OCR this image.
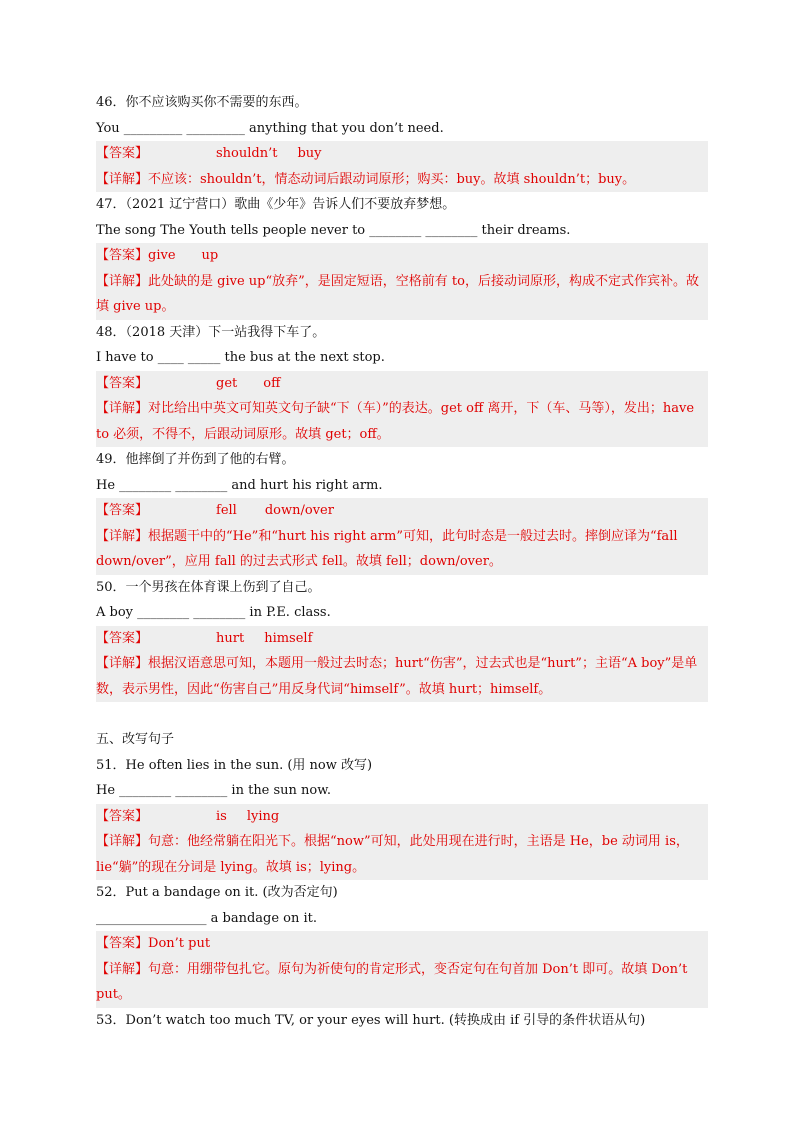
46．你不应该购买你不需要的东西。
You _________ _________ anything that you don’t need.
【答案】	shouldn’t buy
【详解】不应该：shouldn’t，情态动词后跟动词原形；购买：buy。故填 shouldn’t；buy。
47．（2021 辽宁营口）歌曲《少年》告诉人们不要放弃梦想。
The song The Youth tells people never to ________ ________ their dreams.
【答案】give up
【详解】此处缺的是 give up“放弃”，是固定短语，空格前有 to，后接动词原形，构成不定式作宾补。故填 give up。
48．（2018 天津）下一站我得下车了。
I have to ____ _____ the bus at the next stop.
【答案】	get off
【详解】对比给出中英文可知英文句子缺“下（车）”的表达。get off 离开，下（车、马等），发出；have to 必须，不得不，后跟动词原形。故填 get；off。
49．他摔倒了并伤到了他的右臂。
He ________ ________ and hurt his right arm.
【答案】	fell down/over
【详解】根据题干中的“He”和“hurt his right arm”可知，此句时态是一般过去时。摔倒应译为“fall down/over”，应用 fall 的过去式形式 fell。故填 fell；down/over。
50．一个男孩在体育课上伤到了自己。
A boy ________ ________ in P.E. class.
【答案】	hurt himself
【详解】根据汉语意思可知，本题用一般过去时态；hurt“伤害”，过去式也是“hurt”；主语“A boy”是单数，表示男性，因此“伤害自己”用反身代词“himself”。故填 hurt；himself。
五、改写句子
51．He often lies in the sun. (用 now 改写)
He ________ ________ in the sun now.
【答案】	is lying
【详解】句意：他经常躺在阳光下。根据“now”可知，此处用现在进行时，主语是 He，be 动词用 is，lie“躺”的现在分词是 lying。故填 is；lying。
52．Put a bandage on it. (改为否定句)
_________________ a bandage on it.
【答案】Don’t put
【详解】句意：用绷带包扎它。原句为祈使句的肯定形式，变否定句在句首加 Don’t 即可。故填 Don’t put。
53．Don’t watch too much TV, or your eyes will hurt. (转换成由 if 引导的条件状语从句)
